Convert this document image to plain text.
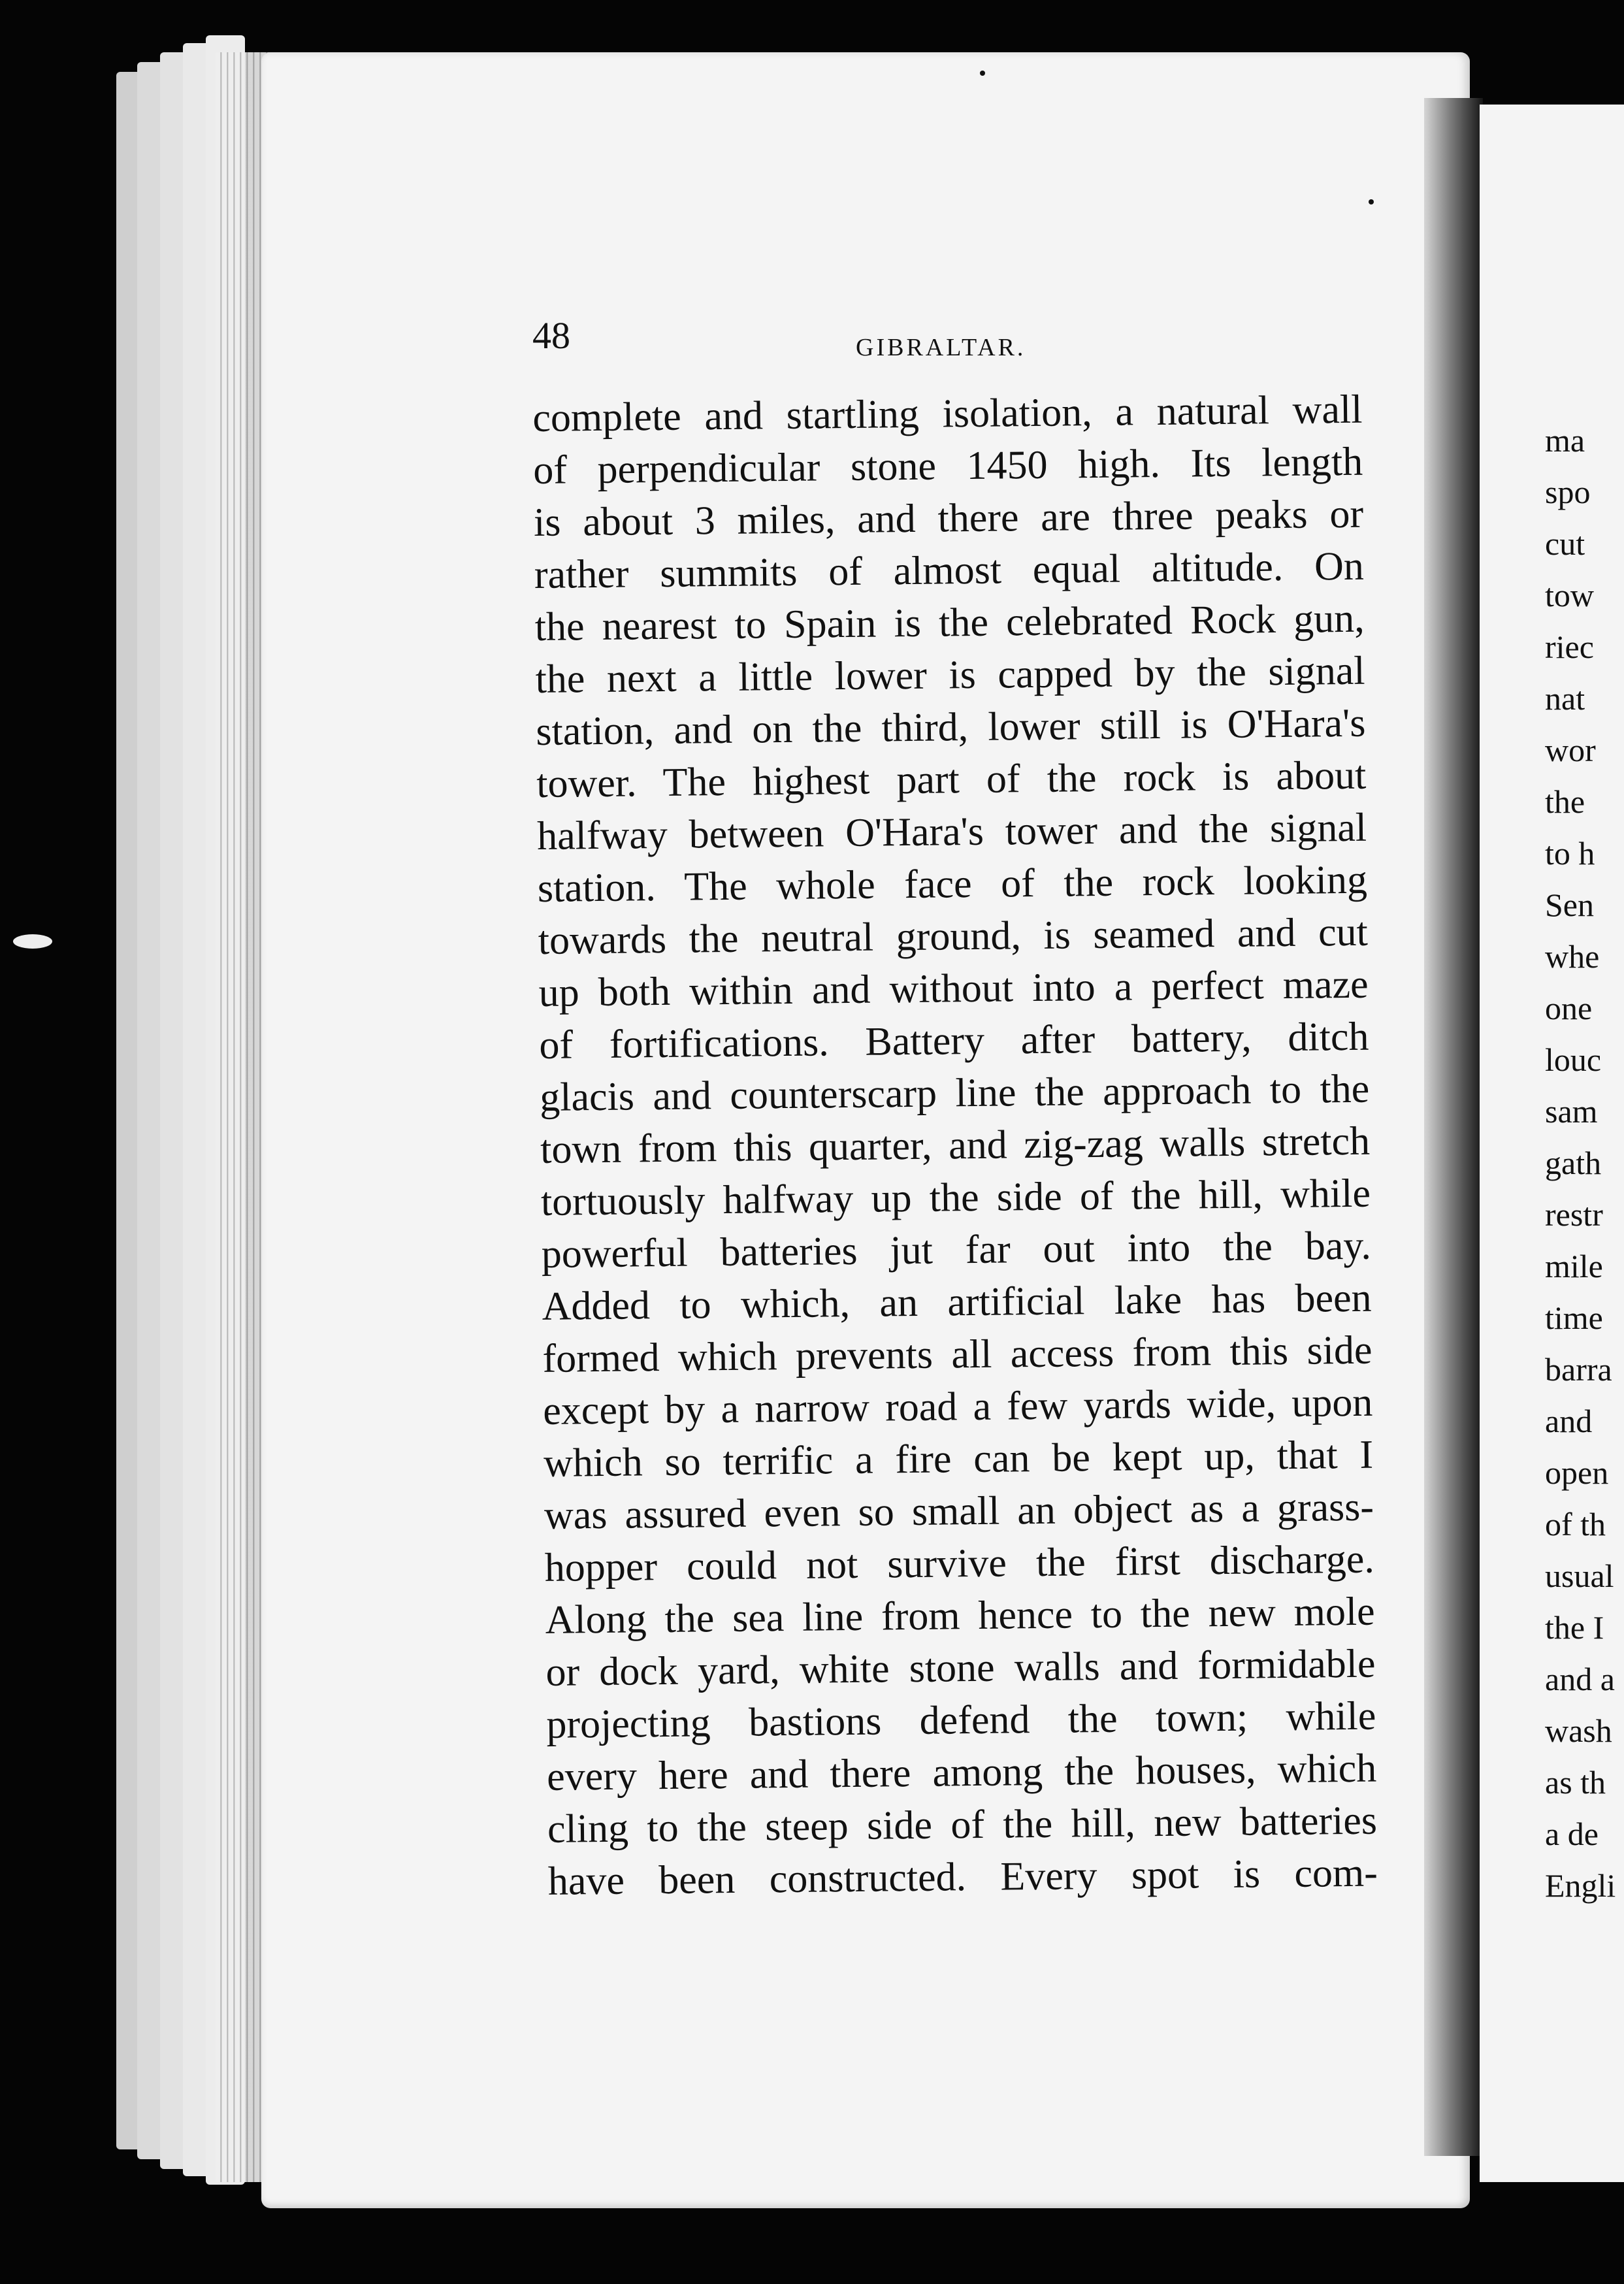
48	GIBRALTAR.
complete and startling isolation, a natural wall
of perpendicular stone 1450 high. Its length
is about 3 miles, and there are three peaks or
rather summits of almost equal altitude. On
the nearest to Spain is the celebrated Rock gun,
the next a little lower is capped by the signal
station, and on the third, lower still is O'Hara's
tower. The highest part of the rock is about
halfway between O'Hara's tower and the signal
station. The whole face of the rock looking
towards the neutral ground, is seamed and cut
up both within and without into a perfect maze
of fortifications. Battery after battery, ditch
glacis and counterscarp line the approach to the
town from this quarter, and zig-zag walls stretch
tortuously halfway up the side of the hill, while
powerful batteries jut far out into the bay.
Added to which, an artificial lake has been
formed which prevents all access from this side
except by a narrow road a few yards wide, upon
which so terrific a fire can be kept up, that I
was assured even so small an object as a grass-
hopper could not survive the first discharge.
Along the sea line from hence to the new mole
or dock yard, white stone walls and formidable
projecting bastions defend the town; while
every here and there among the houses, which
cling to the steep side of the hill, new batteries
have been constructed. Every spot is com-
ma
spo
cut
tow
riec
nat
wor
the
to h
Sen
whe
one
louc
sam
gath
restr
mile
time
barra
and
open
of th
usual
the I
and a
wash
as th
a de
Engli
